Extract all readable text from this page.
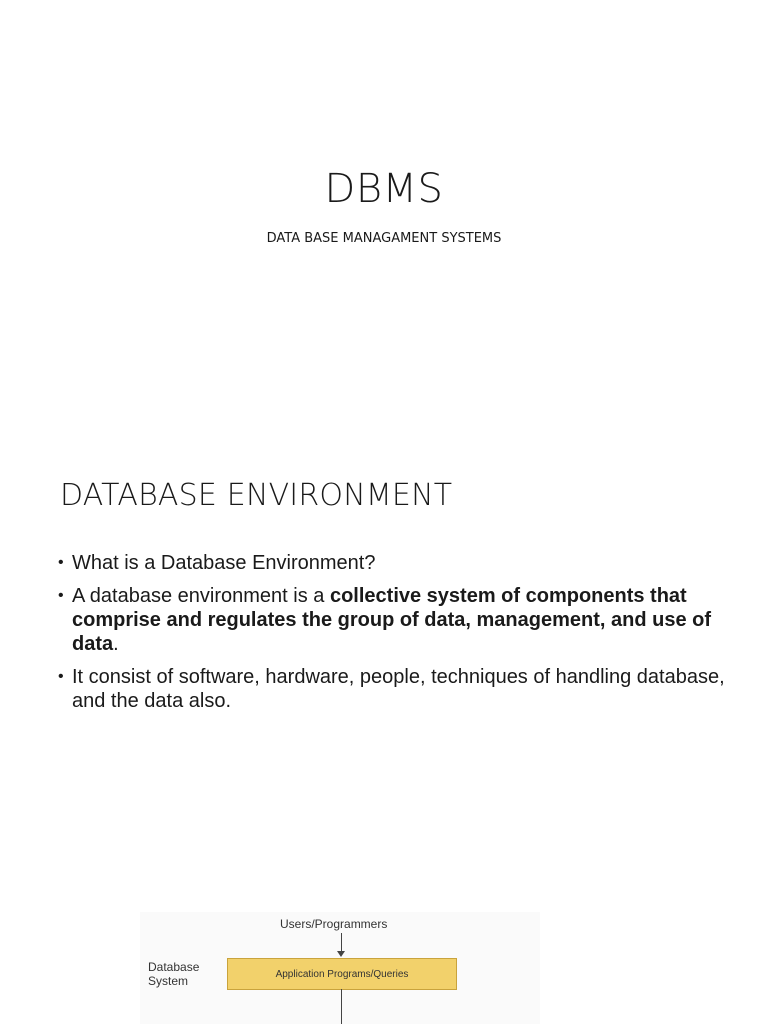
DBMS
DATA BASE MANAGAMENT SYSTEMS
DATABASE ENVIRONMENT
• What is a Database Environment?
• A database environment is a collective system of components that comprise and regulates the group of data, management, and use of data.
• It consist of software, hardware, people, techniques of handling database, and the data also.
Users/Programmers
Database
System	Application Programs/Queries
